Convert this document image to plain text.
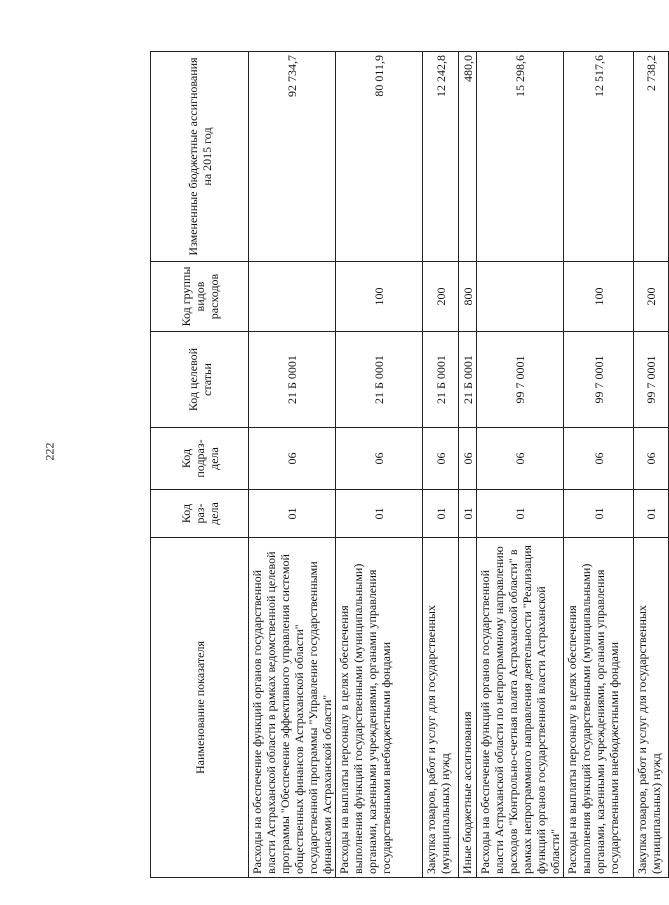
222
Наименование показателя	Код раз-дела	Код подраз-дела	Код целевой статьи	Код группы видов расходов	Измененные бюджетные ассигнования на 2015 год
Расходы на обеспечение функций органов государственной власти Астраханской области в рамках ведомственной целевой программы "Обеспечение эффективного управления системой общественных финансов Астраханской области" государственной программы "Управление государственными финансами Астраханской области"	01	06	21 Б 0001		92 734,7
Расходы на выплаты персоналу в целях обеспечения выполнения функций государственными (муниципальными) органами, казенными учреждениями, органами управления государственными внебюджетными фондами	01	06	21 Б 0001	100	80 011,9
Закупка товаров, работ и услуг для государственных (муниципальных) нужд	01	06	21 Б 0001	200	12 242,8
Иные бюджетные ассигнования	01	06	21 Б 0001	800	480,0
Расходы на обеспечение функций органов государственной власти Астраханской области по непрограммному направлению расходов "Контрольно-счетная палата Астраханской области" в рамках непрограммного направления деятельности "Реализация функций органов государственной власти Астраханской области"	01	06	99 7 0001		15 298,6
Расходы на выплаты персоналу в целях обеспечения выполнения функций государственными (муниципальными) органами, казенными учреждениями, органами управления государственными внебюджетными фондами	01	06	99 7 0001	100	12 517,6
Закупка товаров, работ и услуг для государственных (муниципальных) нужд	01	06	99 7 0001	200	2 738,2
